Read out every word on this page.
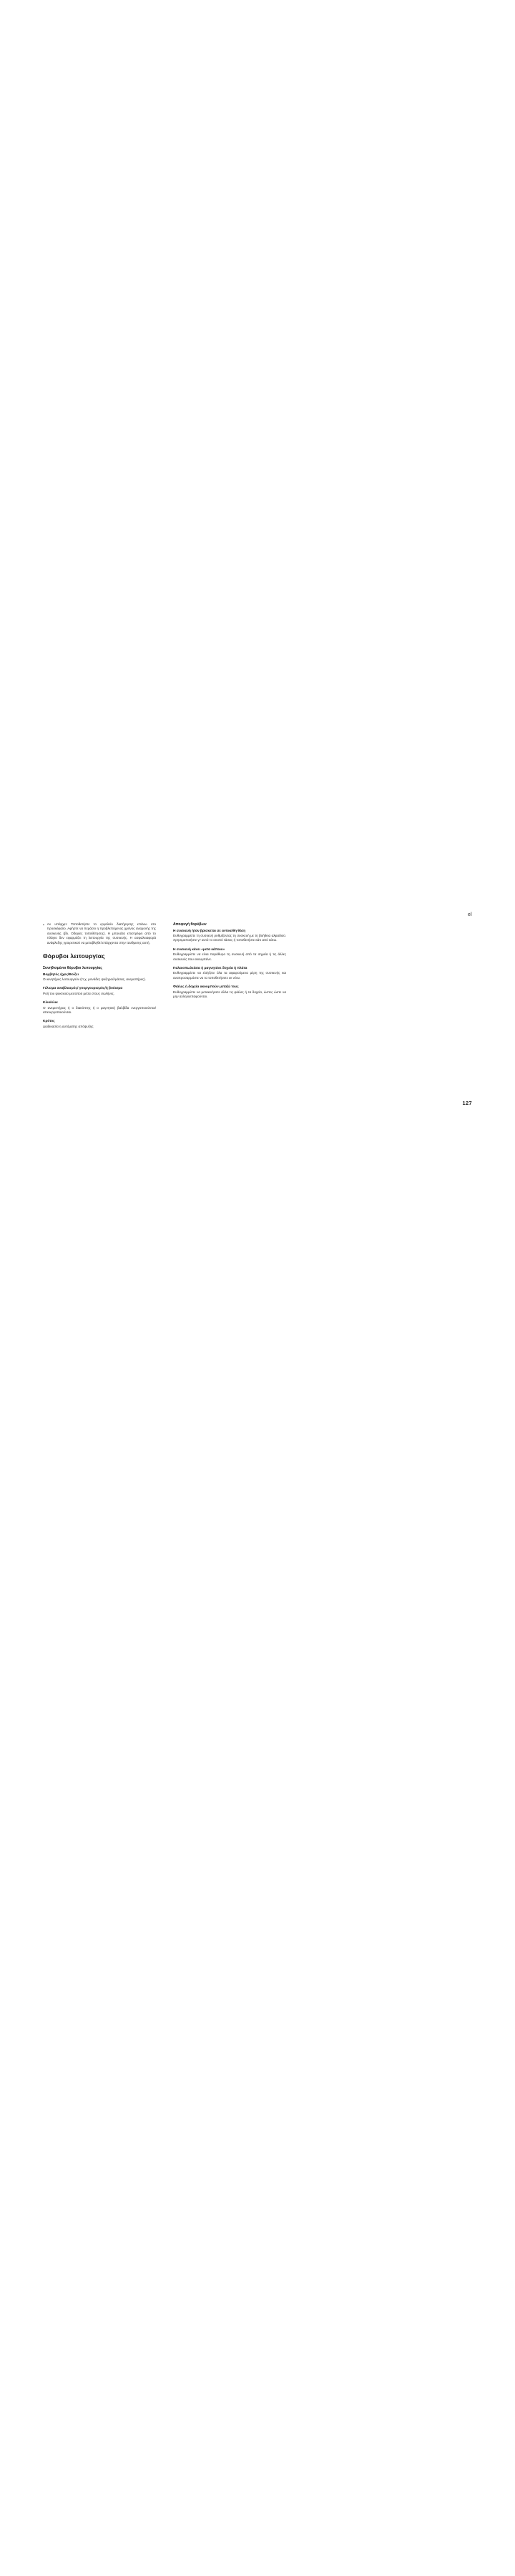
el
▪ Αν υπάρχει: Τοποθετήστε το εργαλείο διατήρησης επάνω στο προσκέφαλο. Αφήστε να περάσει η προβλεπόμενος χρόνος αναμονής της συσκευής (βλ. Οδηγίες τοποθέτησης). Η μπουάτα επιστρέφει από το πλάγιο δεν εφαρμόζει τη λειτουργία της συσκευής. Η ασφαλειαφορά ανάφλεξης γροιρετικού να μεταβληθεί επάρχοντα στην ταυθμισης αυτή.
Θόρυβοι λειτουργίας
Συνηθισμένοι θόρυβοι λειτουργίας
Βομβητός ήχος/Βοίζει

Οι κινητήρες λειτουργούν (π.χ. μονάδες ψυξηρού/μάσας, ανεμιστήρες).

Γέλισμα αναβλυσμός/ γουργουρισμός/ή βούισμα

Ροή του ψυκτικού μεσοπού μέσα στους σωλήνες.

Κλικ/κλικ

Ο ανεμιστήρας ή ο διακόπτης ή ο μαγνητική βαλβίδα ενεργοποιούνται/ απενεργοποιούνται.

Κρότος

Διαδικασία η αυτόματης απόψυξης

Αποφυγή θορύβων
Η συσκευή ήταν βρίσκεται σε αντικείθη θέση

Ευθυγραμμίστε τη συσκευή ρυθμίζοντας τη συσκευή με τη βοήθεια αλφαδιού. Χρησιμοποιήστε γι' αυτό το σκοπό τάσεις ή τοποθετήστε κάτι από κάτω.

Η συσκευή κάνει «μετα κάποιο»

Ευθυγραμμίστε να είναι παράθυρο τη συσκευή από τα σημεία ή τις άλλες συσκευές που ακουμπάνε.

Παλαιοπωλείατα ή μαγνητάνε δοχεία ή πλάτα

Ευθυγραμμίστε να ελέγξετε όλα τα αφαιρούμενα μέρη της συσκευής και αναπροσαρμόστε να τα τοποθετήσετε εκ νέου.

Φιάλες ή δοχεία ακουμπούν μεταξύ τους

Ευθυγραμμίστε να μετακινήσετε άλλα τις φιάλες ή τα δοχεία, ώστες ώστε να μην αλληλοεπαφούνται.

127
